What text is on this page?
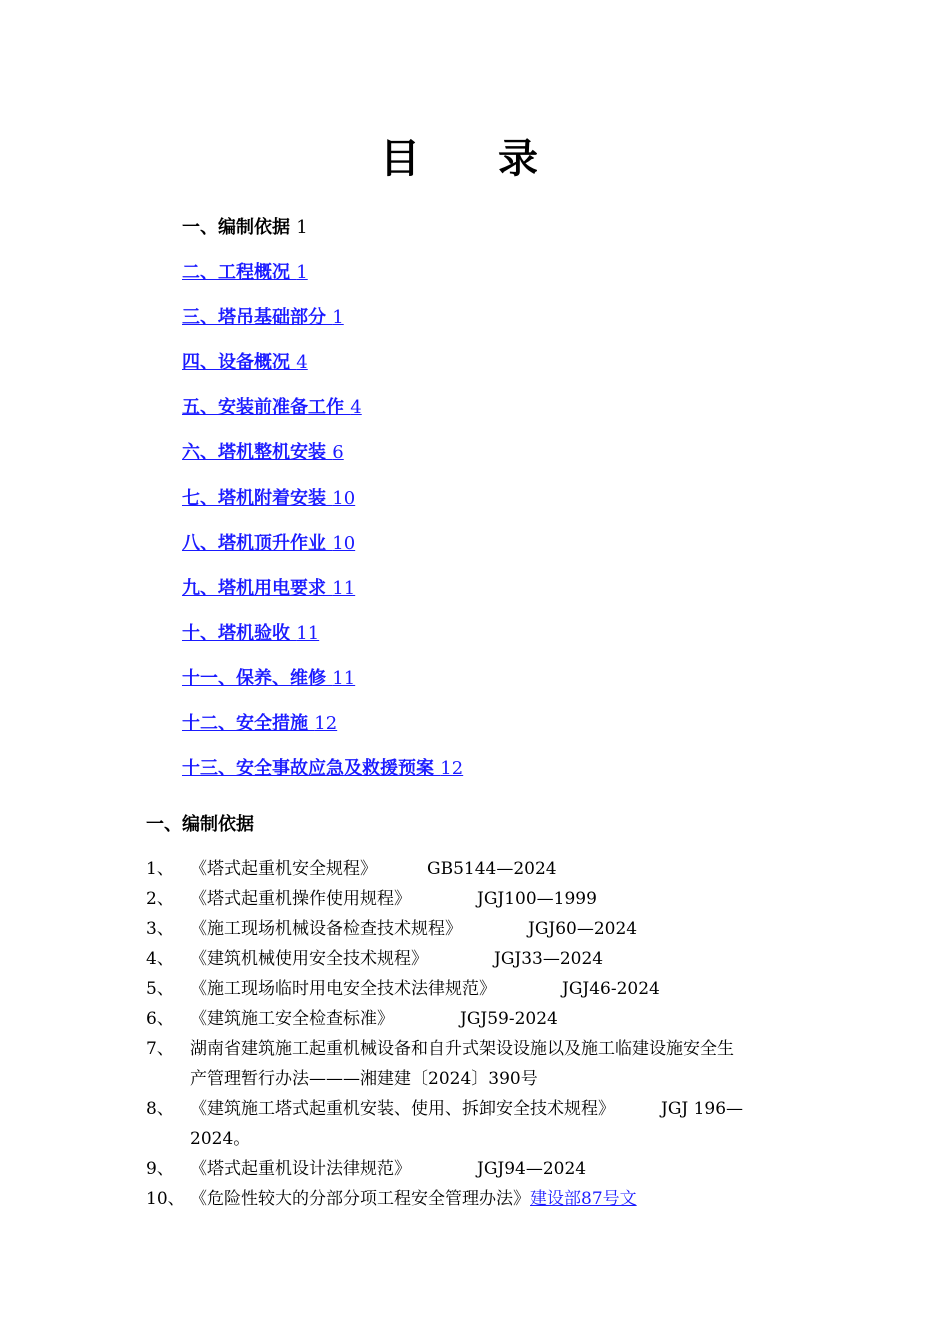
目 录
一、编制依据 1
二、工程概况 1
三、塔吊基础部分 1
四、设备概况 4
五、安装前准备工作 4
六、塔机整机安装 6
七、塔机附着安装 10
八、塔机顶升作业 10
九、塔机用电要求 11
十、塔机验收 11
十一、保养、维修 11
十二、安全措施 12
十三、安全事故应急及救援预案 12
一、编制依据
1、 《塔式起重机安全规程》	GB5144—2024
2、 《塔式起重机操作使用规程》	JGJ100—1999
3、 《施工现场机械设备检查技术规程》	JGJ60—2024
4、 《建筑机械使用安全技术规程》	JGJ33—2024
5、 《施工现场临时用电安全技术法律规范》	JGJ46-2024
6、 《建筑施工安全检查标准》	JGJ59-2024
7、 湖南省建筑施工起重机械设备和自升式架设设施以及施工临建设施安全生
产管理暂行办法———湘建建〔2024〕390号
8、 《建筑施工塔式起重机安装、使用、拆卸安全技术规程》	JGJ 196—
2024。
9、 《塔式起重机设计法律规范》	JGJ94—2024
10、 《危险性较大的分部分项工程安全管理办法》建设部87号文
